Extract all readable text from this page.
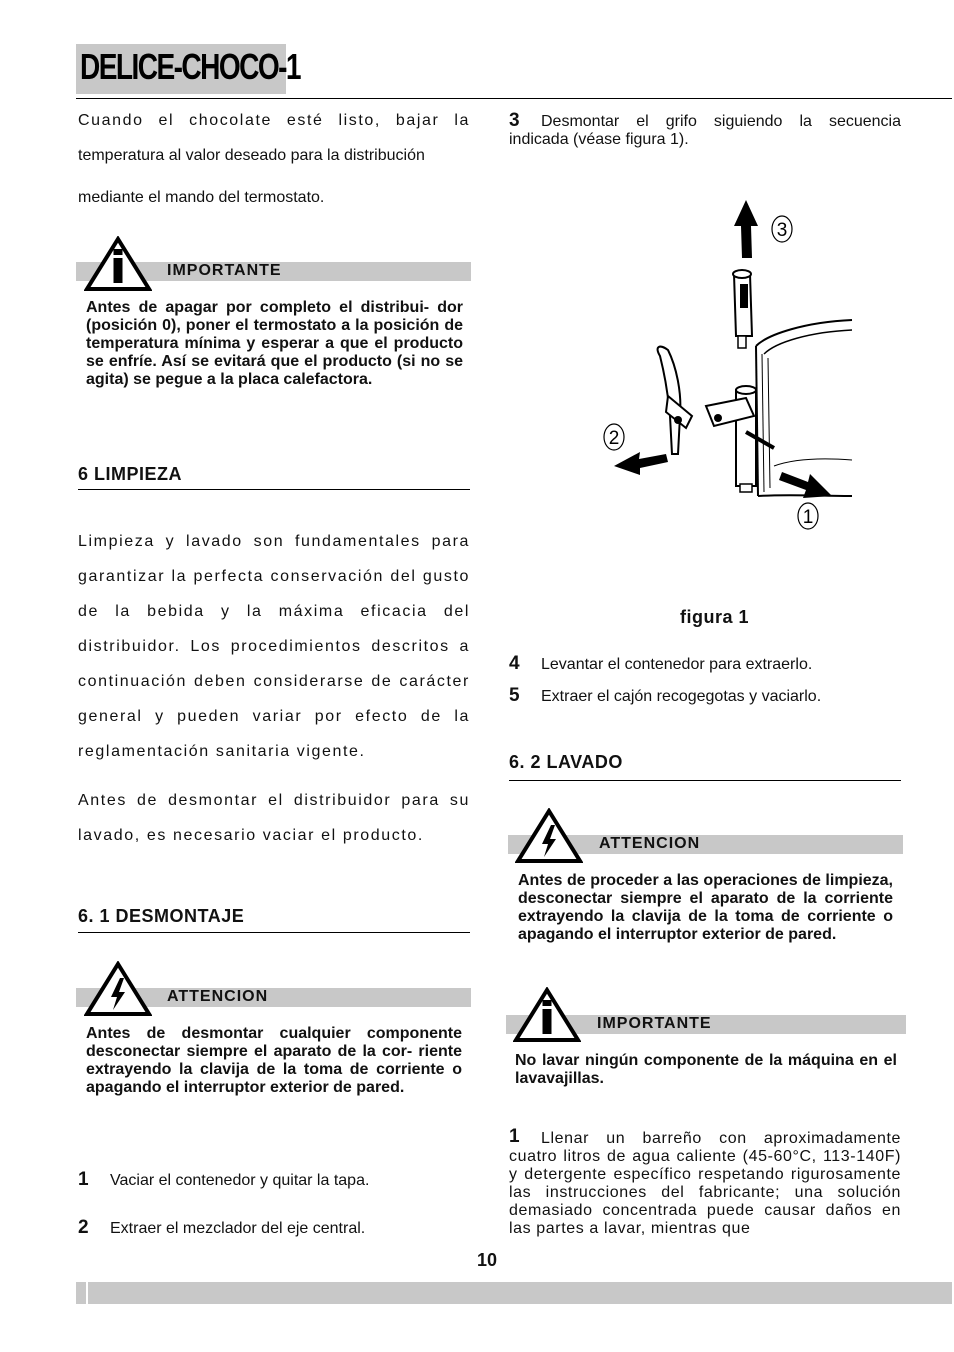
DELICE-CHOCO-1
Cuando el chocolate esté listo, bajar la
temperatura al valor deseado para la distribución
mediante el mando del termostato.
IMPORTANTE
Antes de apagar por completo el distribui- dor (posición 0), poner el termostato a la posición de temperatura mínima y esperar a que el producto se enfríe. Así se evitará que el producto (si no se agita) se pegue a la placa calefactora.
6 LIMPIEZA
Limpieza y lavado son fundamentales para garantizar la perfecta conservación del gusto de la bebida y la máxima eficacia del distribuidor. Los procedimientos descritos a continuación deben considerarse de carácter general y pueden variar por efecto de la reglamentación sanitaria vigente.
Antes de desmontar el distribuidor para su lavado, es necesario vaciar el producto.
6. 1 DESMONTAJE
ATTENCION
Antes de desmontar cualquier componente desconectar siempre el aparato de la cor- riente extrayendo la clavija de la toma de corriente o apagando el interruptor exterior de pared.
1 Vaciar el contenedor y quitar la tapa.
2 Extraer el mezclador del eje central.
Desmontar el grifo siguiendo la secuencia indicada (véase figura 1).
3
3
2
1
figura 1
4 Levantar el contenedor para extraerlo.
5 Extraer el cajón recogegotas y vaciarlo.
6. 2 LAVADO
ATTENCION
Antes de proceder a las operaciones de limpieza, desconectar siempre el aparato de la corriente extrayendo la clavija de la toma de corriente o apagando el interruptor exterior de pared.
IMPORTANTE
No lavar ningún componente de la máquina en el lavavajillas.
Llenar un barreño con aproximadamente cuatro litros de agua caliente (45-60°C, 113-140F) y detergente específico respetando rigurosamente las instrucciones del fabricante; una solución demasiado concentrada puede causar daños en las partes a lavar, mientras que
1
10
